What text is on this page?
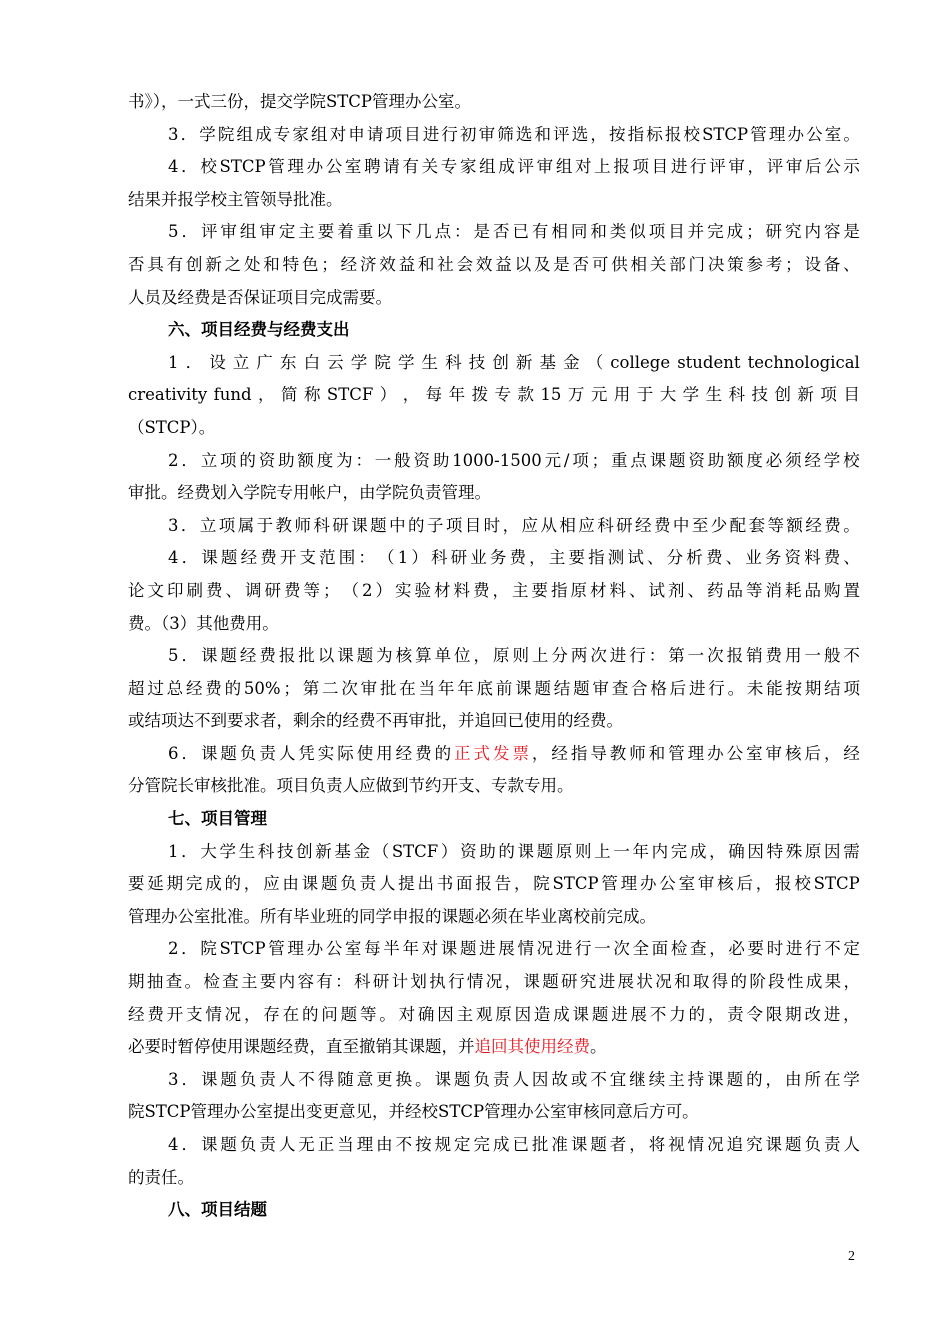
书》），一式三份，提交学院STCP管理办公室。
3 ． 学 院 组 成 专 家 组 对 申 请 项 目 进 行 初 审 筛 选 和 评 选 ， 按 指 标 报 校 STCP 管 理 办 公 室 。
4 ． 校 STCP 管 理 办 公 室 聘 请 有 关 专 家 组 成 评 审 组 对 上 报 项 目 进 行 评 审 ， 评 审 后 公 示
结果并报学校主管领导批准。
5 ． 评 审 组 审 定 主 要 着 重 以 下 几 点 ： 是 否 已 有 相 同 和 类 似 项 目 并 完 成 ； 研 究 内 容 是
否 具 有 创 新 之 处 和 特 色 ； 经 济 效 益 和 社 会 效 益 以 及 是 否 可 供 相 关 部 门 决 策 参 考 ； 设 备 、
人员及经费是否保证项目完成需要。
六、项目经费与经费支出
1 ． 设 立 广 东 白 云 学 院 学 生 科 技 创 新 基 金 （ college student technological
creativity fund ， 简 称 STCF ） ， 每 年 拨 专 款 15 万 元 用 于 大 学 生 科 技 创 新 项 目
（STCP）。
2 ． 立 项 的 资 助 额 度 为 ： 一 般 资 助 1000-1500 元 / 项 ； 重 点 课 题 资 助 额 度 必 须 经 学 校
审批。经费划入学院专用帐户，由学院负责管理。
3 ． 立 项 属 于 教 师 科 研 课 题 中 的 子 项 目 时 ， 应 从 相 应 科 研 经 费 中 至 少 配 套 等 额 经 费 。
4 ． 课 题 经 费 开 支 范 围 ： （ 1 ） 科 研 业 务 费 ， 主 要 指 测 试 、 分 析 费 、 业 务 资 料 费 、
论 文 印 刷 费 、 调 研 费 等 ； （ 2 ） 实 验 材 料 费 ， 主 要 指 原 材 料 、 试 剂 、 药 品 等 消 耗 品 购 置
费。（3）其他费用。
5 ． 课 题 经 费 报 批 以 课 题 为 核 算 单 位 ， 原 则 上 分 两 次 进 行 ： 第 一 次 报 销 费 用 一 般 不
超 过 总 经 费 的 50% ； 第 二 次 审 批 在 当 年 年 底 前 课 题 结 题 审 查 合 格 后 进 行 。 未 能 按 期 结 项
或结项达不到要求者，剩余的经费不再审批，并追回已使用的经费。
6 ． 课 题 负 责 人 凭 实 际 使 用 经 费 的 正 式 发 票 ， 经 指 导 教 师 和 管 理 办 公 室 审 核 后 ， 经
分管院长审核批准。项目负责人应做到节约开支、专款专用。
七、项目管理
1 ． 大 学 生 科 技 创 新 基 金 （ STCF ） 资 助 的 课 题 原 则 上 一 年 内 完 成 ， 确 因 特 殊 原 因 需
要 延 期 完 成 的 ， 应 由 课 题 负 责 人 提 出 书 面 报 告 ， 院 STCP 管 理 办 公 室 审 核 后 ， 报 校 STCP
管理办公室批准。所有毕业班的同学申报的课题必须在毕业离校前完成。
2 ． 院 STCP 管 理 办 公 室 每 半 年 对 课 题 进 展 情 况 进 行 一 次 全 面 检 查 ， 必 要 时 进 行 不 定
期 抽 查 。 检 查 主 要 内 容 有 ： 科 研 计 划 执 行 情 况 ， 课 题 研 究 进 展 状 况 和 取 得 的 阶 段 性 成 果 ，
经 费 开 支 情 况 ， 存 在 的 问 题 等 。 对 确 因 主 观 原 因 造 成 课 题 进 展 不 力 的 ， 责 令 限 期 改 进 ，
必要时暂停使用课题经费，直至撤销其课题，并 追回其使用经费 。
3 ． 课 题 负 责 人 不 得 随 意 更 换 。 课 题 负 责 人 因 故 或 不 宜 继 续 主 持 课 题 的 ， 由 所 在 学
院STCP管理办公室提出变更意见，并经校STCP管理办公室审核同意后方可。
4 ． 课 题 负 责 人 无 正 当 理 由 不 按 规 定 完 成 已 批 准 课 题 者 ， 将 视 情 况 追 究 课 题 负 责 人
的责任。
八、项目结题
2
